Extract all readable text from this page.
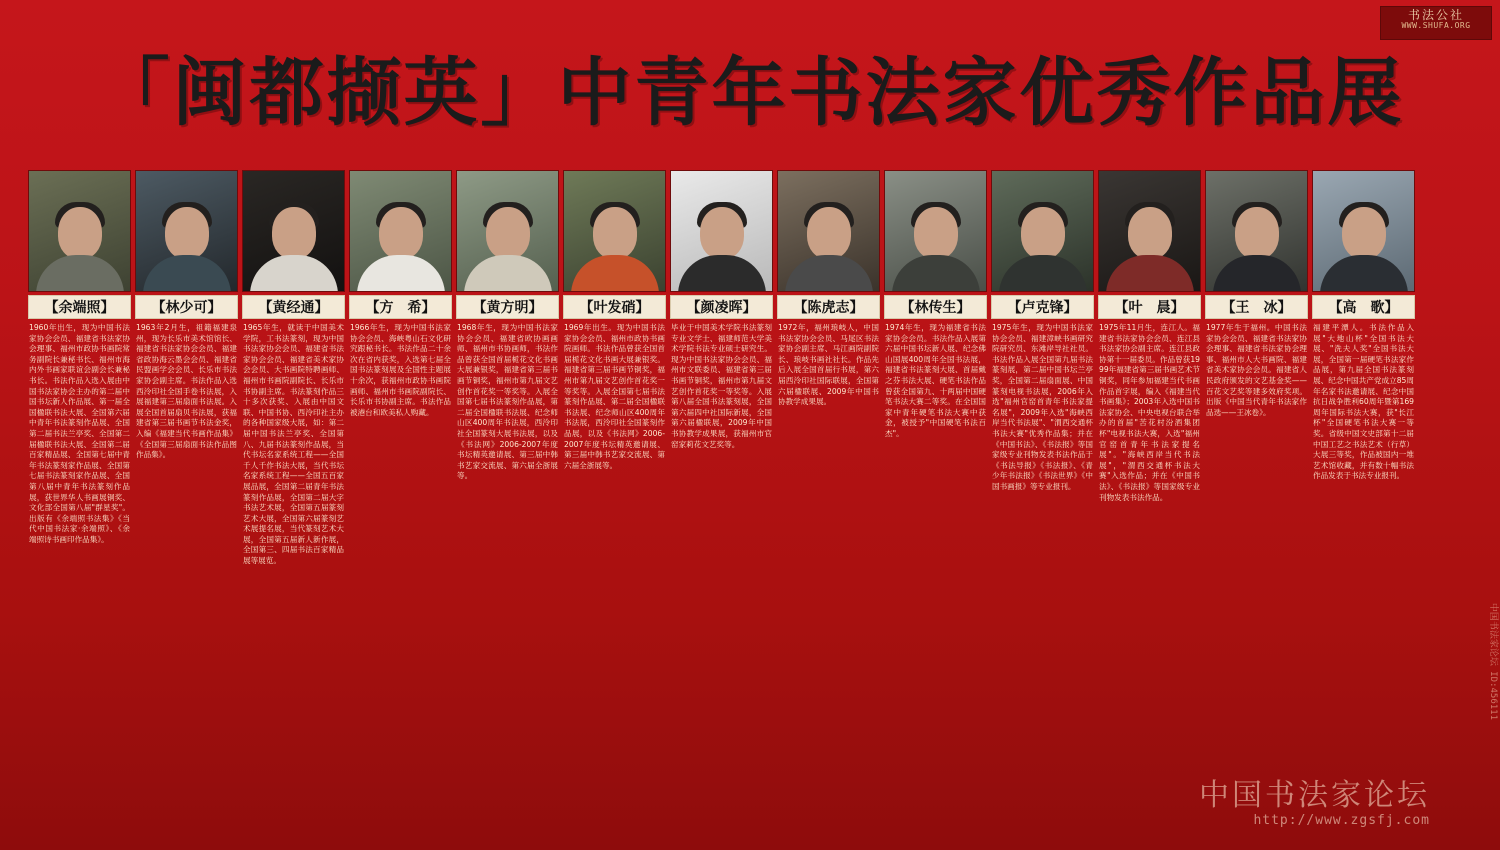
书法公社
WWW.SHUFA.ORG
「闽都撷英」中青年书法家优秀作品展
【余端照】
1960年出生，现为中国书法家协会会员、福建省书法家协会理事、福州市政协书画院常务副院长兼秘书长、福州市海内外书画家联谊会副会长兼秘书长。书法作品入选入展由中国书法家协会主办的第二届中国书坛新人作品展、第一届全国楹联书法大展、全国第六届中青年书法篆刻作品展、全国第二届书法兰亭奖、全国第二届楹联书法大展、全国第二届百家精品展、全国第七届中青年书法篆刻家作品展、全国第七届书法篆刻家作品展、全国第八届中青年书法篆刻作品展，获世界华人书画展铜奖、文化部全国第八届"群星奖"。出版有《余端照书法集》《当代中国书法家·余端照》、《余端照诗书画印作品集》。
【林少可】
1963年2月生，祖籍福建泉州，现为长乐市美术馆馆长、福建省书法家协会会员、福建省政协海云墨会会员、福建省民盟画学会会员、长乐市书法家协会副主席。书法作品入选西泠印社全国手卷书法展，入展福建第三届扇面书法展。入展全国首届扇贝书法展，获福建省第三届书画节书法金奖，入编《福建当代书画作品集》《全国第三届扇面书法作品图作品集》。
【黄经通】
1965年生，就读于中国美术学院，工书法篆刻，现为中国书法家协会会员、福建省书法家协会会员、福建省美术家协会会员、大书画院特聘画师、福州市书画院副院长、长乐市书协副主席。书法篆刻作品三十多次获奖、入展由中国文联、中国书协、西泠印社主办的各种国家级大展，如：第二届中国书法兰亭奖、全国第八、九届书法篆刻作品展，当代书坛名家系统工程——全国千人千作书法大展，当代书坛名家系统工程——全国五百家展品展，全国第二届青年书法篆刻作品展，全国第二届大字书法艺术展，全国第五届篆刻艺术大展，全国第六届篆刻艺术展提名展，当代篆刻艺术大展，全国第五届新人新作展，全国第三、四届书法百家精品展等展览。
【方　希】
1966年生，现为中国书法家协会会员、海峡粤山石文化研究跟秘书长。书法作品二十余次在省内获奖，入选第七届全国书法篆刻展及全国性主题展十余次，获福州市政协书画院画师、福州市书画院副院长、长乐市书协副主席。书法作品被港台和欧美私人购藏。
【黄方明】
1968年生，现为中国书法家协会会员、福建省欧协画画师、福州市书协画师，书法作品曾获全国首届栀花文化书画大展兼银奖，福建省第三届书画节铜奖，福州市第九届文艺创作首花奖一等奖等。入展全国第七届书法篆刻作品展，第二届全国楹联书法展、纪念师山区400周年书法展，西泠印社全国篆刻大展书法展，以及《书法网》2006-2007年度书坛精英邀请展、第三届中韩书艺家交流展、第六届全浙展等。
【叶发硝】
1969年出生。现为中国书法家协会会员、福州市政协书画院画师。书法作品曾获全国首届栀花文化书画大展兼银奖。福建省第三届书画节铜奖，福州市第九届文艺创作首花奖一等奖等。入展全国第七届书法篆刻作品展、第二届全国楹联书法展、纪念师山区400周年书法展，西泠印社全国篆刻作品展，以及《书法网》2006-2007年度书坛精英邀请展、第三届中韩书艺家交流展、第六届全浙展等。
【颜凌晖】
毕业于中国美术学院书法篆刻专业文学士、福建师范大学美术学院书法专业硕士研究生。现为中国书法家协会会员、福州市文联委员、福建省第三届书画节铜奖，福州市第九届文艺创作首花奖一等奖等。入展第八届全国书法篆刻展，全国第六届四中社国际新展，全国第六届楹联展，2009年中国书协教学成果展，获福州市官窑家莉花文艺奖等。
【陈虎志】
1972年，福州琅岐人，中国书法家协会会员、马尾区书法家协会副主席、马江画院副院长、琅岐书画社社长。作品先后入展全国首届行书展，第六届西泠印社国际联展，全国第六届楹联展、2009年中国书协教学成果展。
【林传生】
1974年生，现为福建省书法家协会会员。书法作品入展第六届中国书坛新人展、纪念佛山国展400周年全国书法展，福建省书法篆刻大展、首届戴之芬书法大展、硬笔书法作品曾获全国第九、十两届中国硬笔书法大赛二等奖。在全国国家中青年硬笔书法大赛中获金，被授予"中国硬笔书法百杰"。
【卢克锋】
1975年生，现为中国书法家协会会员、福建漳峡书画研究院研究员、东滩岸导社社员。书法作品入展全国第九届书法篆刻展，第二届中国书坛兰亭奖，全国第二届扇面展、中国篆刻电视书法展，2006年入选"福州官窑首青年书法家提名展"，2009年入选"海峡西岸当代书法展"、"渭西交通杯书法大赛"优秀作品集；并在《中国书法》、《书法报》等国家级专业刊物发表书法作品于《书法导报》《书法报》、《青少年书法报》《书法世界》《中国书画报》等专业报刊。
【叶　晨】
1975年11月生，连江人。福建省书法家协会会员、连江县书法家协会副主席。连江县政协第十一届委员。作品曾获1999年福建省第三届书画艺术节铜奖，同年参加福建当代书画作品首字展，编入《福建当代书画集》；2003年入选中国书法家协会、中央电视台联合举办的首届"苦花村汾酒集团杯"电视书法大赛，入选"福州官窑首青年书法家提名展"。"海峡西岸当代书法展"，"渭西交通杯书法大赛"入选作品；并在《中国书法》、《书法报》等国家级专业刊物发表书法作品。
【王　冰】
1977年生于福州。中国书法家协会会员、福建省书法家协会理事、福建省书法家协会理事、福州市人大书画院、福建省美术家协会会员。福建省人民政府颁发的文艺基金奖——百花文艺奖等建多效府奖项。出版《中国当代青年书法家作品选——王冰卷》。
【高　歌】
福建平潭人。书法作品入展"大地山杯"全国书法大展、"洗夫人奖"全国书法大展，全国第一届硬笔书法家作品展，第九届全国书法篆刻展、纪念中国共产党成立85周年名家书法邀请展、纪念中国抗日战争胜利60周年暨第169周年国际书法大赛，获"长江杯"全国硬笔书法大赛一等奖。省级中国文史部第十二届中国工艺之书法艺术（行草）大展三等奖，作品被国内一堆艺术馆收藏，并有数十幅书法作品发表于书法专业报刊。
中国书法家论坛 ID:456111
中国书法家论坛
http://www.zgsfj.com
